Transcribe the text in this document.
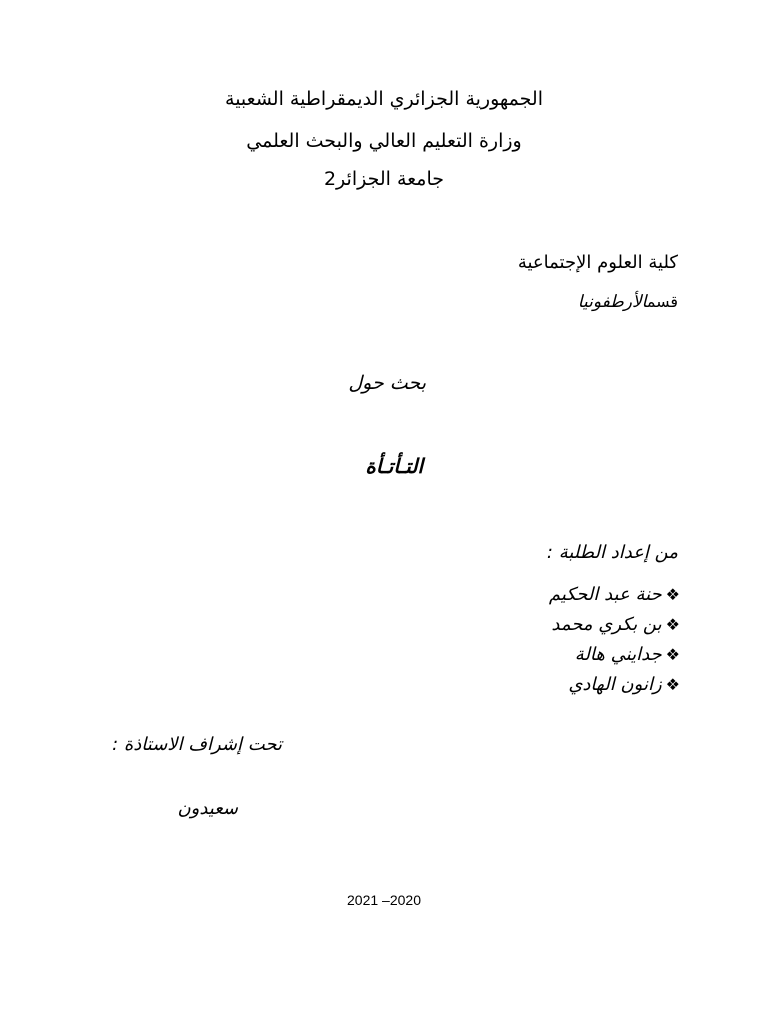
الجمهورية الجزائري الديمقراطية الشعبية
وزارة التعليم العالي والبحث العلمي
جامعة الجزائر2
كلية العلوم الإجتماعية
قسمالأرطفونيا
بحث حول
التـأتـأة
من إعداد الطلبة :
❖حنة عبد الحكيم
❖بن بكري محمد
❖جدايني هالة
❖زانون الهادي
تحت إشراف الاستاذة :
سعيدون
2021 –2020
